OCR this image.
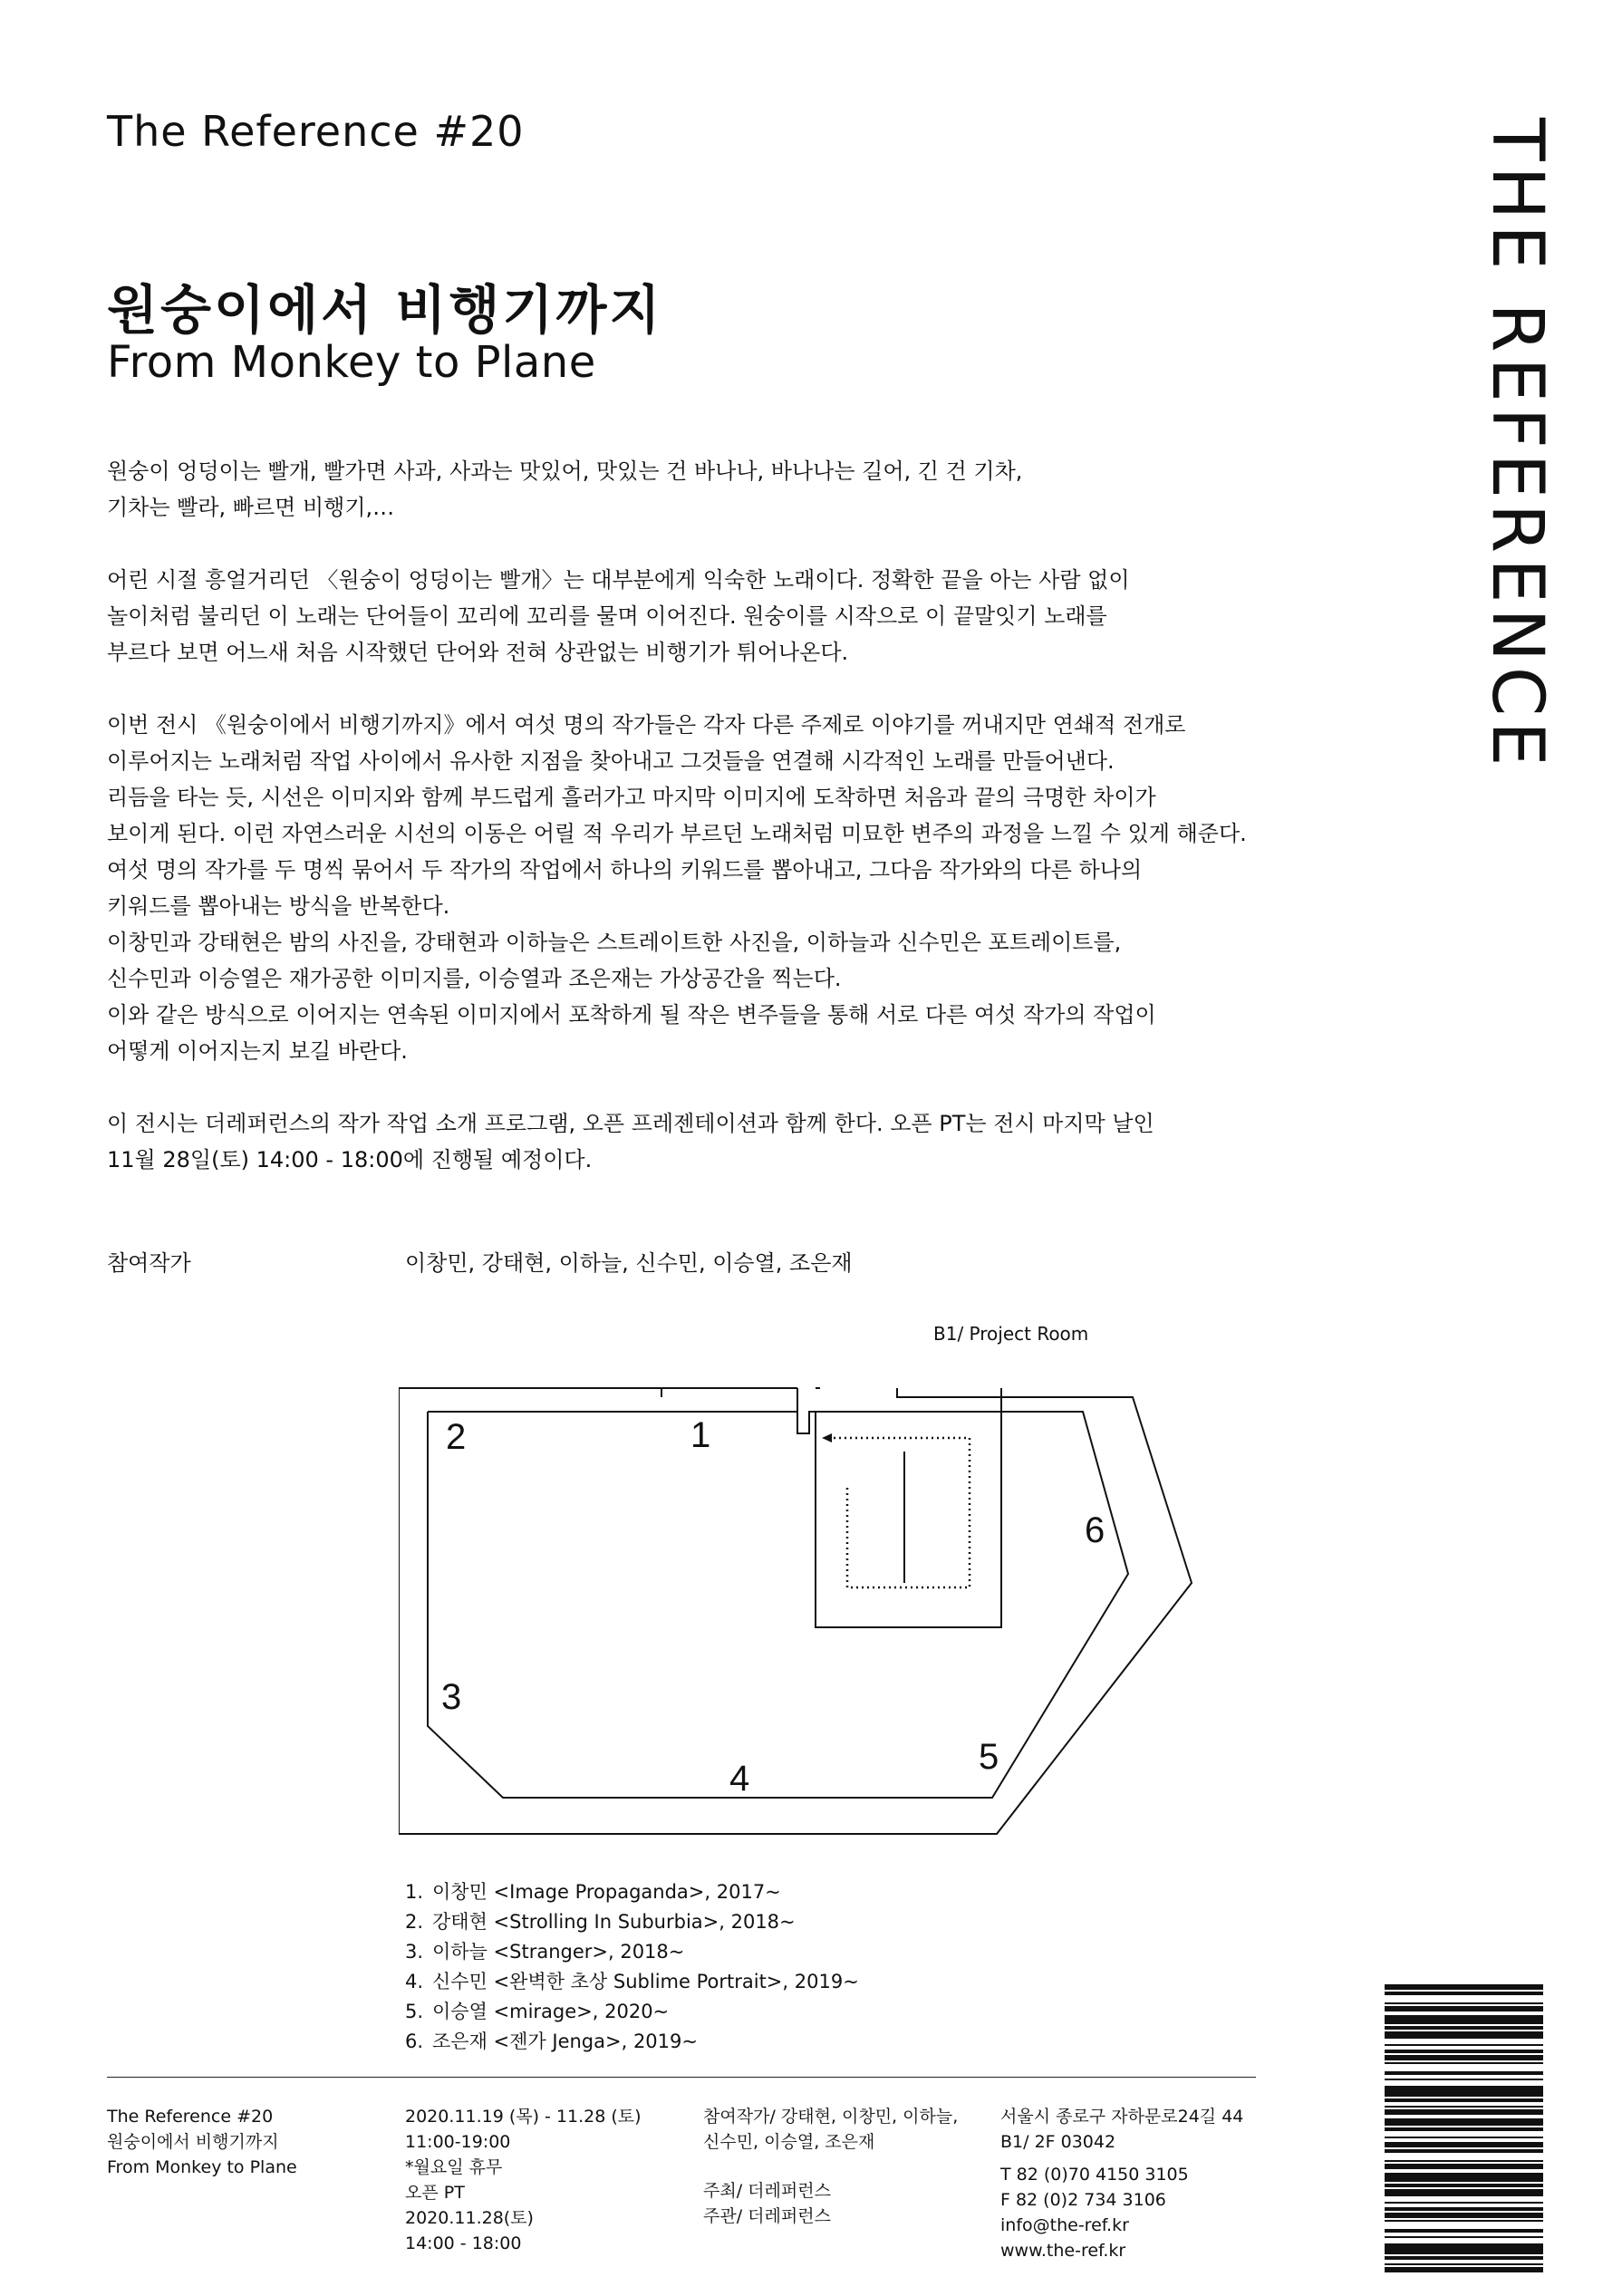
The Reference #20
원숭이에서 비행기까지
From Monkey to Plane	THE REFERENCE

원숭이 엉덩이는 빨개, 빨가면 사과, 사과는 맛있어, 맛있는 건 바나나, 바나나는 길어, 긴 건 기차,
기차는 빨라, 빠르면 비행기,…

어린 시절 흥얼거리던 〈원숭이 엉덩이는 빨개〉는 대부분에게 익숙한 노래이다. 정확한 끝을 아는 사람 없이
놀이처럼 불리던 이 노래는 단어들이 꼬리에 꼬리를 물며 이어진다. 원숭이를 시작으로 이 끝말잇기 노래를
부르다 보면 어느새 처음 시작했던 단어와 전혀 상관없는 비행기가 튀어나온다.

이번 전시 《원숭이에서 비행기까지》에서 여섯 명의 작가들은 각자 다른 주제로 이야기를 꺼내지만 연쇄적 전개로
이루어지는 노래처럼 작업 사이에서 유사한 지점을 찾아내고 그것들을 연결해 시각적인 노래를 만들어낸다.
리듬을 타는 듯, 시선은 이미지와 함께 부드럽게 흘러가고 마지막 이미지에 도착하면 처음과 끝의 극명한 차이가
보이게 된다. 이런 자연스러운 시선의 이동은 어릴 적 우리가 부르던 노래처럼 미묘한 변주의 과정을 느낄 수 있게 해준다.
여섯 명의 작가를 두 명씩 묶어서 두 작가의 작업에서 하나의 키워드를 뽑아내고, 그다음 작가와의 다른 하나의
키워드를 뽑아내는 방식을 반복한다.
이창민과 강태현은 밤의 사진을, 강태현과 이하늘은 스트레이트한 사진을, 이하늘과 신수민은 포트레이트를,
신수민과 이승열은 재가공한 이미지를, 이승열과 조은재는 가상공간을 찍는다.
이와 같은 방식으로 이어지는 연속된 이미지에서 포착하게 될 작은 변주들을 통해 서로 다른 여섯 작가의 작업이
어떻게 이어지는지 보길 바란다.

이 전시는 더레퍼런스의 작가 작업 소개 프로그램, 오픈 프레젠테이션과 함께 한다. 오픈 PT는 전시 마지막 날인
11월 28일(토) 14:00 - 18:00에 진행될 예정이다.

참여작가	이창민, 강태현, 이하늘, 신수민, 이승열, 조은재
B1/ Project Room
1
2
3
4
5
6
1. 이창민 <Image Propaganda>, 2017~
2. 강태현 <Strolling In Suburbia>, 2018~
3. 이하늘 <Stranger>, 2018~
4. 신수민 <완벽한 초상 Sublime Portrait>, 2019~
5. 이승열 <mirage>, 2020~
6. 조은재 <젠가 Jenga>, 2019~
The Reference #20
원숭이에서 비행기까지
From Monkey to Plane
2020.11.19 (목) - 11.28 (토)
11:00-19:00
*월요일 휴무
오픈 PT
2020.11.28(토)
14:00 - 18:00
참여작가/ 강태현, 이창민, 이하늘,
신수민, 이승열, 조은재
주최/ 더레퍼런스
주관/ 더레퍼런스
서울시 종로구 자하문로24길 44
B1/ 2F 03042
T 82 (0)70 4150 3105
F 82 (0)2 734 3106
info@the-ref.kr
www.the-ref.kr
